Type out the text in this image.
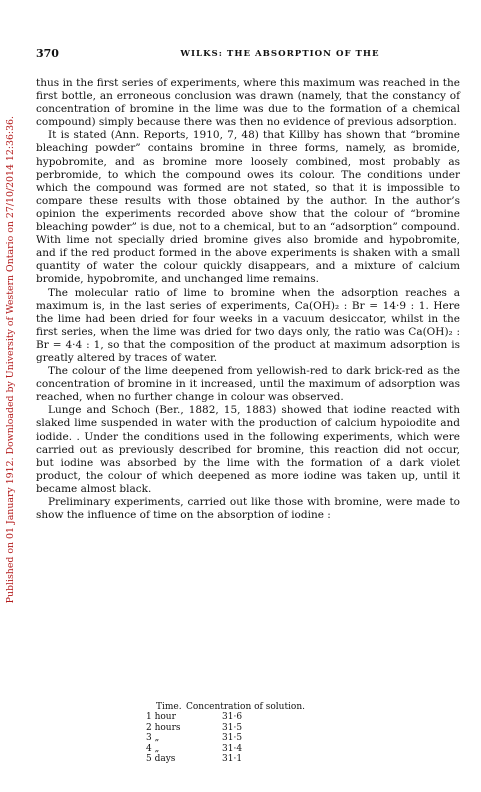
Published on 01 January 1912. Downloaded by University of Western Ontario on 27/10/2014 12:36:36.
370	WILKS: THE ABSORPTION OF THE

thus in the first series of experiments, where this maximum was reached in the first bottle, an erroneous conclusion was drawn (namely, that the constancy of concentration of bromine in the lime was due to the formation of a chemical compound) simply because there was then no evidence of previous adsorption.

It is stated (Ann. Reports, 1910, 7, 48) that Killby has shown that “bromine bleaching powder” contains bromine in three forms, namely, as bromide, hypobromite, and as bromine more loosely combined, most probably as perbromide, to which the compound owes its colour. The conditions under which the compound was formed are not stated, so that it is impossible to compare these results with those obtained by the author. In the author’s opinion the experiments recorded above show that the colour of “bromine bleaching powder” is due, not to a chemical, but to an “adsorption” compound. With lime not specially dried bromine gives also bromide and hypobromite, and if the red product formed in the above experiments is shaken with a small quantity of water the colour quickly disappears, and a mixture of calcium bromide, hypobromite, and unchanged lime remains.

The molecular ratio of lime to bromine when the adsorption reaches a maximum is, in the last series of experiments, Ca(OH)₂ : Br = 14·9 : 1. Here the lime had been dried for four weeks in a vacuum desiccator, whilst in the first series, when the lime was dried for two days only, the ratio was Ca(OH)₂ : Br = 4·4 : 1, so that the composition of the product at maximum adsorption is greatly altered by traces of water.

The colour of the lime deepened from yellowish-red to dark brick-red as the concentration of bromine in it increased, until the maximum of adsorption was reached, when no further change in colour was observed.

Lunge and Schoch (Ber., 1882, 15, 1883) showed that iodine reacted with slaked lime suspended in water with the production of calcium hypoiodite and iodide. . Under the conditions used in the following experiments, which were carried out as previously described for bromine, this reaction did not occur, but iodine was absorbed by the lime with the formation of a dark violet product, the colour of which deepened as more iodine was taken up, until it became almost black.

Preliminary experiments, carried out like those with bromine, were made to show the influence of time on the absorption of iodine :

Time. Concentration of solution.
1 hour	31·6
2 hours	31·5
3 „	31·5
4 „	31·4
5 days	31·1
